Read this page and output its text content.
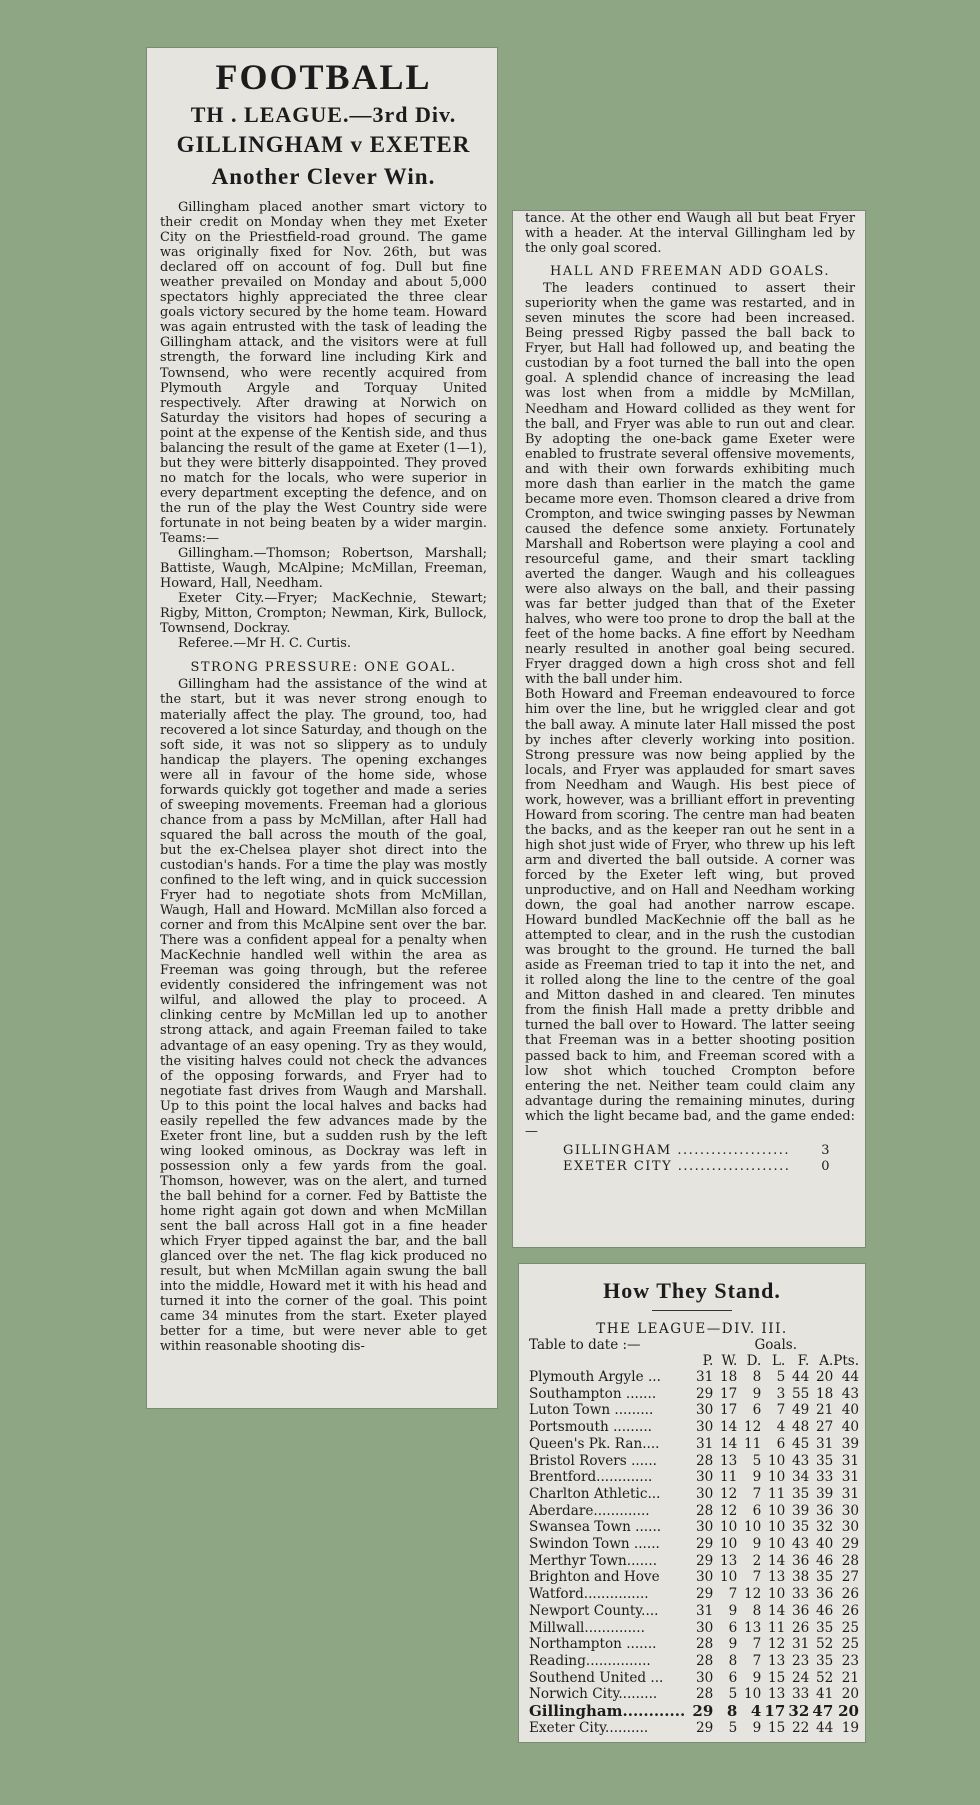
FOOTBALL
TH . LEAGUE.—3rd Div.
GILLINGHAM v EXETER
Another Clever Win.

Gillingham placed another smart victory to their credit on Monday when they met Exeter City on the Priestfield-road ground. The game was originally fixed for Nov. 26th, but was declared off on account of fog. Dull but fine weather prevailed on Monday and about 5,000 spectators highly appreciated the three clear goals victory secured by the home team. Howard was again entrusted with the task of leading the Gillingham attack, and the visitors were at full strength, the forward line including Kirk and Townsend, who were recently acquired from Plymouth Argyle and Torquay United respectively. After drawing at Norwich on Saturday the visitors had hopes of securing a point at the expense of the Kentish side, and thus balancing the result of the game at Exeter (1—1), but they were bitterly disappointed. They proved no match for the locals, who were superior in every department excepting the defence, and on the run of the play the West Country side were fortunate in not being beaten by a wider margin. Teams:—

Gillingham.—Thomson; Robertson, Marshall; Battiste, Waugh, McAlpine; McMillan, Freeman, Howard, Hall, Needham.

Exeter City.—Fryer; MacKechnie, Stewart; Rigby, Mitton, Crompton; Newman, Kirk, Bullock, Townsend, Dockray.

Referee.—Mr H. C. Curtis.

STRONG PRESSURE: ONE GOAL.

Gillingham had the assistance of the wind at the start, but it was never strong enough to materially affect the play. The ground, too, had recovered a lot since Saturday, and though on the soft side, it was not so slippery as to unduly handicap the players. The opening exchanges were all in favour of the home side, whose forwards quickly got together and made a series of sweeping movements. Freeman had a glorious chance from a pass by McMillan, after Hall had squared the ball across the mouth of the goal, but the ex-Chelsea player shot direct into the custodian's hands. For a time the play was mostly confined to the left wing, and in quick succession Fryer had to negotiate shots from McMillan, Waugh, Hall and Howard. McMillan also forced a corner and from this McAlpine sent over the bar. There was a confident appeal for a penalty when MacKechnie handled well within the area as Freeman was going through, but the referee evidently considered the infringement was not wilful, and allowed the play to proceed. A clinking centre by McMillan led up to another strong attack, and again Freeman failed to take advantage of an easy opening. Try as they would, the visiting halves could not check the advances of the opposing forwards, and Fryer had to negotiate fast drives from Waugh and Marshall. Up to this point the local halves and backs had easily repelled the few advances made by the Exeter front line, but a sudden rush by the left wing looked ominous, as Dockray was left in possession only a few yards from the goal. Thomson, however, was on the alert, and turned the ball behind for a corner. Fed by Battiste the home right again got down and when McMillan sent the ball across Hall got in a fine header which Fryer tipped against the bar, and the ball glanced over the net. The flag kick produced no result, but when McMillan again swung the ball into the middle, Howard met it with his head and turned it into the corner of the goal. This point came 34 minutes from the start. Exeter played better for a time, but were never able to get within reasonable shooting dis-

tance. At the other end Waugh all but beat Fryer with a header. At the interval Gillingham led by the only goal scored.

HALL AND FREEMAN ADD GOALS.

The leaders continued to assert their superiority when the game was restarted, and in seven minutes the score had been increased. Being pressed Rigby passed the ball back to Fryer, but Hall had followed up, and beating the custodian by a foot turned the ball into the open goal. A splendid chance of increasing the lead was lost when from a middle by McMillan, Needham and Howard collided as they went for the ball, and Fryer was able to run out and clear. By adopting the one-back game Exeter were enabled to frustrate several offensive movements, and with their own forwards exhibiting much more dash than earlier in the match the game became more even. Thomson cleared a drive from Crompton, and twice swinging passes by Newman caused the defence some anxiety. Fortunately Marshall and Robertson were playing a cool and resourceful game, and their smart tackling averted the danger. Waugh and his colleagues were also always on the ball, and their passing was far better judged than that of the Exeter halves, who were too prone to drop the ball at the feet of the home backs. A fine effort by Needham nearly resulted in another goal being secured. Fryer dragged down a high cross shot and fell with the ball under him.

Both Howard and Freeman endeavoured to force him over the line, but he wriggled clear and got the ball away. A minute later Hall missed the post by inches after cleverly working into position. Strong pressure was now being applied by the locals, and Fryer was applauded for smart saves from Needham and Waugh. His best piece of work, however, was a brilliant effort in preventing Howard from scoring. The centre man had beaten the backs, and as the keeper ran out he sent in a high shot just wide of Fryer, who threw up his left arm and diverted the ball outside. A corner was forced by the Exeter left wing, but proved unproductive, and on Hall and Needham working down, the goal had another narrow escape. Howard bundled MacKechnie off the ball as he attempted to clear, and in the rush the custodian was brought to the ground. He turned the ball aside as Freeman tried to tap it into the net, and it rolled along the line to the centre of the goal and Mitton dashed in and cleared. Ten minutes from the finish Hall made a pretty dribble and turned the ball over to Howard. The latter seeing that Freeman was in a better shooting position passed back to him, and Freeman scored with a low shot which touched Crompton before entering the net. Neither team could claim any advantage during the remaining minutes, during which the light became bad, and the game ended:—

GILLINGHAM .................... 3
EXETER CITY .................... 0
How They Stand.
THE LEAGUE—DIV. III.
Table to date :—	Goals.
	P.	W.	D.	L.	F.	A.	Pts.
Plymouth Argyle ...	31	18	8	5	44	20	44
Southampton .......	29	17	9	3	55	18	43
Luton Town .........	30	17	6	7	49	21	40
Portsmouth .........	30	14	12	4	48	27	40
Queen's Pk. Ran....	31	14	11	6	45	31	39
Bristol Rovers ......	28	13	5	10	43	35	31
Brentford.............	30	11	9	10	34	33	31
Charlton Athletic...	30	12	7	11	35	39	31
Aberdare.............	28	12	6	10	39	36	30
Swansea Town ......	30	10	10	10	35	32	30
Swindon Town ......	29	10	9	10	43	40	29
Merthyr Town.......	29	13	2	14	36	46	28
Brighton and Hove	30	10	7	13	38	35	27
Watford...............	29	7	12	10	33	36	26
Newport County....	31	9	8	14	36	46	26
Millwall..............	30	6	13	11	26	35	25
Northampton .......	28	9	7	12	31	52	25
Reading...............	28	8	7	13	23	35	23
Southend United ...	30	6	9	15	24	52	21
Norwich City.........	28	5	10	13	33	41	20
Gillingham............	29	8	4	17	32	47	20
Exeter City..........	29	5	9	15	22	44	19
